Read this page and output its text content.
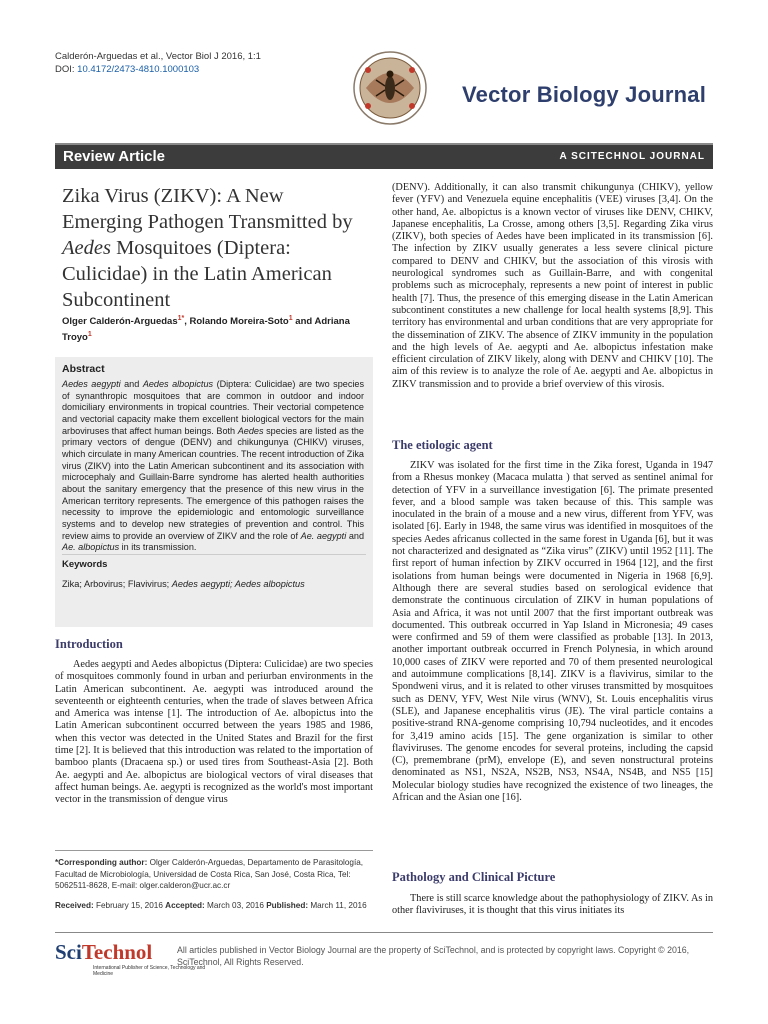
Calderón-Arguedas et al., Vector Biol J 2016, 1:1
DOI: 10.4172/2473-4810.1000103
Vector Biology Journal
Review Article	A SCITECHNOL JOURNAL
Zika Virus (ZIKV): A New Emerging Pathogen Transmitted by Aedes Mosquitoes (Diptera: Culicidae) in the Latin American Subcontinent
Olger Calderón-Arguedas$^{1*}$, Rolando Moreira-Soto$^1$ and Adriana Troyo$^1$
Abstract
Aedes aegypti and Aedes albopictus (Diptera: Culicidae) are two species of synanthropic mosquitoes that are common in outdoor and indoor domiciliary environments in tropical countries. Their vectorial competence and vectorial capacity make them excellent biological vectors for the main arboviruses that affect human beings. Both Aedes species are listed as the primary vectors of dengue (DENV) and chikungunya (CHIKV) viruses, which circulate in many American countries. The recent introduction of Zika virus (ZIKV) into the Latin American subcontinent and its association with microcephaly and Guillain-Barre syndrome has alerted health authorities about the sanitary emergency that the presence of this new virus in the American territory represents. The emergence of this pathogen raises the necessity to improve the epidemiologic and entomologic surveillance systems and to develop new strategies of prevention and control. This review aims to provide an overview of ZIKV and the role of Ae. aegypti and Ae. albopictus in its transmission.
Keywords
Zika; Arbovirus; Flavivirus; Aedes aegypti; Aedes albopictus
Introduction

Aedes aegypti and Aedes albopictus (Diptera: Culicidae) are two species of mosquitoes commonly found in urban and periurban environments in the Latin American subcontinent. Ae. aegypti was introduced around the seventeenth or eighteenth centuries, when the trade of slaves between Africa and America was intense [1]. The introduction of Ae. albopictus into the Latin American subcontinent occurred between the years 1985 and 1986, when this vector was detected in the United States and Brazil for the first time [2]. It is believed that this introduction was related to the importation of bamboo plants (Dracaena sp.) or used tires from Southeast-Asia [2]. Both Ae. aegypti and Ae. albopictus are biological vectors of viral diseases that affect human beings. Ae. aegypti is recognized as the world's most important vector in the transmission of dengue virus

*Corresponding author: Olger Calderón-Arguedas, Departamento de Parasitología, Facultad de Microbiología, Universidad de Costa Rica, San José, Costa Rica, Tel: 5062511-8628, E-mail: olger.calderon@ucr.ac.cr
Received: February 15, 2016 Accepted: March 03, 2016 Published: March 11, 2016

(DENV). Additionally, it can also transmit chikungunya (CHIKV), yellow fever (YFV) and Venezuela equine encephalitis (VEE) viruses [3,4]. On the other hand, Ae. albopictus is a known vector of viruses like DENV, CHIKV, Japanese encephalitis, La Crosse, among others [3,5]. Regarding Zika virus (ZIKV), both species of Aedes have been implicated in its transmission [6]. The infection by ZIKV usually generates a less severe clinical picture compared to DENV and CHIKV, but the association of this virosis with neurological syndromes such as Guillain-Barre, and with congenital problems such as microcephaly, represents a new point of interest in public health [7]. Thus, the presence of this emerging disease in the Latin American subcontinent constitutes a new challenge for local health systems [8,9]. This territory has environmental and urban conditions that are very appropriate for the dissemination of ZIKV. The absence of ZIKV immunity in the population and the high levels of Ae. aegypti and Ae. albopictus infestation make efficient circulation of ZIKV likely, along with DENV and CHIKV [10]. The aim of this review is to analyze the role of Ae. aegypti and Ae. albopictus in ZIKV transmission and to provide a brief overview of this virosis.

The etiologic agent

ZIKV was isolated for the first time in the Zika forest, Uganda in 1947 from a Rhesus monkey (Macaca mulatta ) that served as sentinel animal for detection of YFV in a surveillance investigation [6]. The primate presented fever, and a blood sample was taken because of this. This sample was inoculated in the brain of a mouse and a new virus, different from YFV, was isolated [6]. Early in 1948, the same virus was identified in mosquitoes of the species Aedes africanus collected in the same forest in Uganda [6], but it was not characterized and designated as “Zika virus” (ZIKV) until 1952 [11]. The first report of human infection by ZIKV occurred in 1964 [12], and the first isolations from human beings were documented in Nigeria in 1968 [6,9]. Although there are several studies based on serological evidence that demonstrate the continuous circulation of ZIKV in human populations of Asia and Africa, it was not until 2007 that the first important outbreak was documented. This outbreak occurred in Yap Island in Micronesia; 49 cases were confirmed and 59 of them were classified as probable [13]. In 2013, another important outbreak occurred in French Polynesia, in which around 10,000 cases of ZIKV were reported and 70 of them presented neurological and autoimmune complications [8,14]. ZIKV is a flavivirus, similar to the Spondweni virus, and it is related to other viruses transmitted by mosquitoes such as DENV, YFV, West Nile virus (WNV), St. Louis encephalitis virus (SLE), and Japanese encephalitis virus (JE). The viral particle contains a positive-strand RNA-genome comprising 10,794 nucleotides, and it encodes for 3,419 amino acids [15]. The gene organization is similar to other flaviviruses. The genome encodes for several proteins, including the capsid (C), premembrane (prM), envelope (E), and seven nonstructural proteins denominated as NS1, NS2A, NS2B, NS3, NS4A, NS4B, and NS5 [15] Molecular biology studies have recognized the existence of two lineages, the African and the Asian one [16].

Pathology and Clinical Picture

There is still scarce knowledge about the pathophysiology of ZIKV. As in other flaviviruses, it is thought that this virus initiates its

SciTechnol
International Publisher of Science, Technology and Medicine
All articles published in Vector Biology Journal are the property of SciTechnol, and is protected by copyright laws. Copyright © 2016, SciTechnol, All Rights Reserved.
